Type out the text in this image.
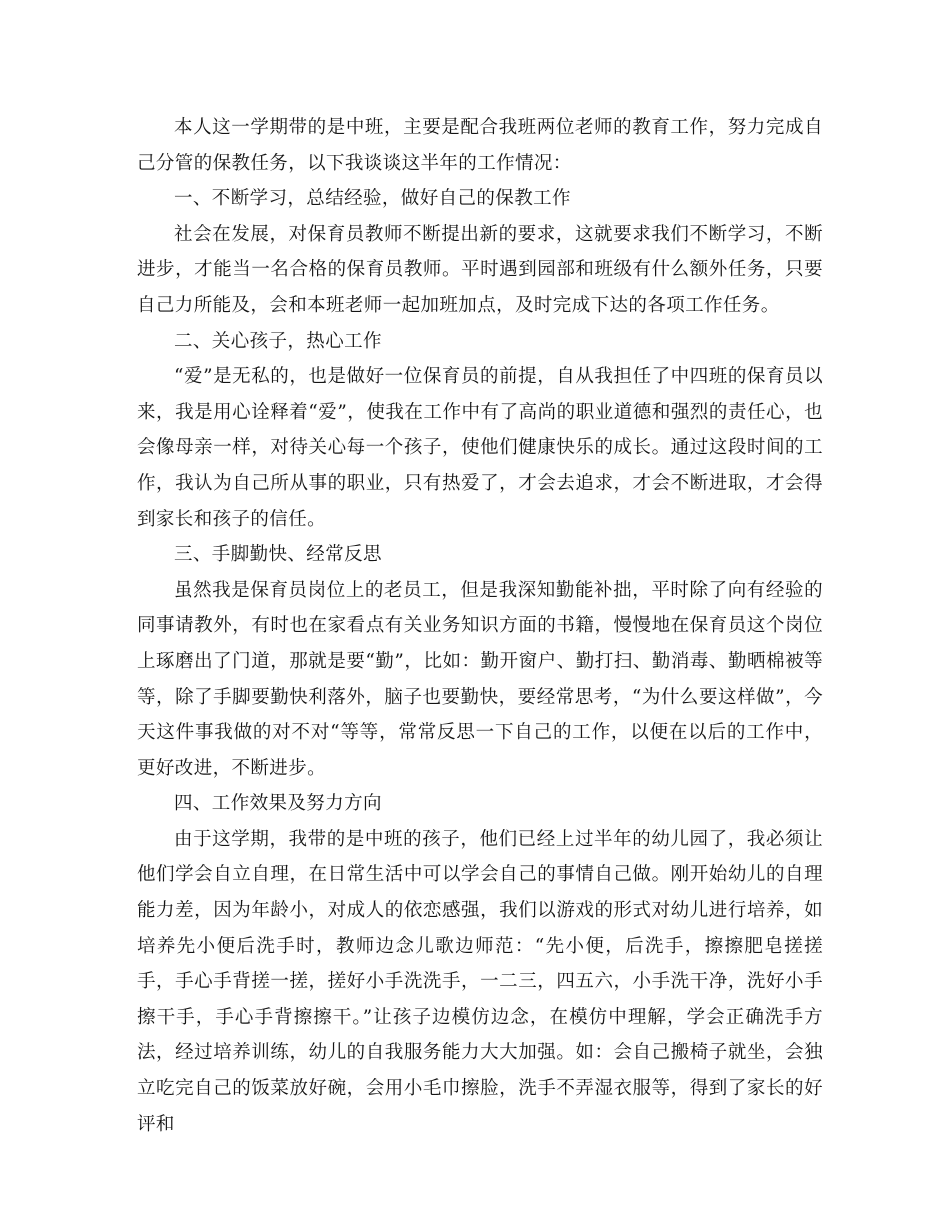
本人这一学期带的是中班，主要是配合我班两位老师的教育工作，努力完成自己分管的保教任务，以下我谈谈这半年的工作情况：

一、不断学习，总结经验，做好自己的保教工作

社会在发展，对保育员教师不断提出新的要求，这就要求我们不断学习，不断进步，才能当一名合格的保育员教师。平时遇到园部和班级有什么额外任务，只要自己力所能及，会和本班老师一起加班加点，及时完成下达的各项工作任务。

二、关心孩子，热心工作

“爱”是无私的，也是做好一位保育员的前提，自从我担任了中四班的保育员以来，我是用心诠释着“爱”，使我在工作中有了高尚的职业道德和强烈的责任心，也会像母亲一样，对待关心每一个孩子，使他们健康快乐的成长。通过这段时间的工作，我认为自己所从事的职业，只有热爱了，才会去追求，才会不断进取，才会得到家长和孩子的信任。

三、手脚勤快、经常反思

虽然我是保育员岗位上的老员工，但是我深知勤能补拙，平时除了向有经验的同事请教外，有时也在家看点有关业务知识方面的书籍，慢慢地在保育员这个岗位上琢磨出了门道，那就是要“勤”，比如：勤开窗户、勤打扫、勤消毒、勤晒棉被等等，除了手脚要勤快利落外，脑子也要勤快，要经常思考，“为什么要这样做”，今天这件事我做的对不对“等等，常常反思一下自己的工作，以便在以后的工作中，更好改进，不断进步。

四、工作效果及努力方向

由于这学期，我带的是中班的孩子，他们已经上过半年的幼儿园了，我必须让他们学会自立自理，在日常生活中可以学会自己的事情自己做。刚开始幼儿的自理能力差，因为年龄小，对成人的依恋感强，我们以游戏的形式对幼儿进行培养，如培养先小便后洗手时，教师边念儿歌边师范：“先小便，后洗手，擦擦肥皂搓搓手，手心手背搓一搓，搓好小手洗洗手，一二三，四五六，小手洗干净，洗好小手擦干手，手心手背擦擦干。”让孩子边模仿边念，在模仿中理解，学会正确洗手方法，经过培养训练，幼儿的自我服务能力大大加强。如：会自己搬椅子就坐，会独立吃完自己的饭菜放好碗，会用小毛巾擦脸，洗手不弄湿衣服等，得到了家长的好评和
